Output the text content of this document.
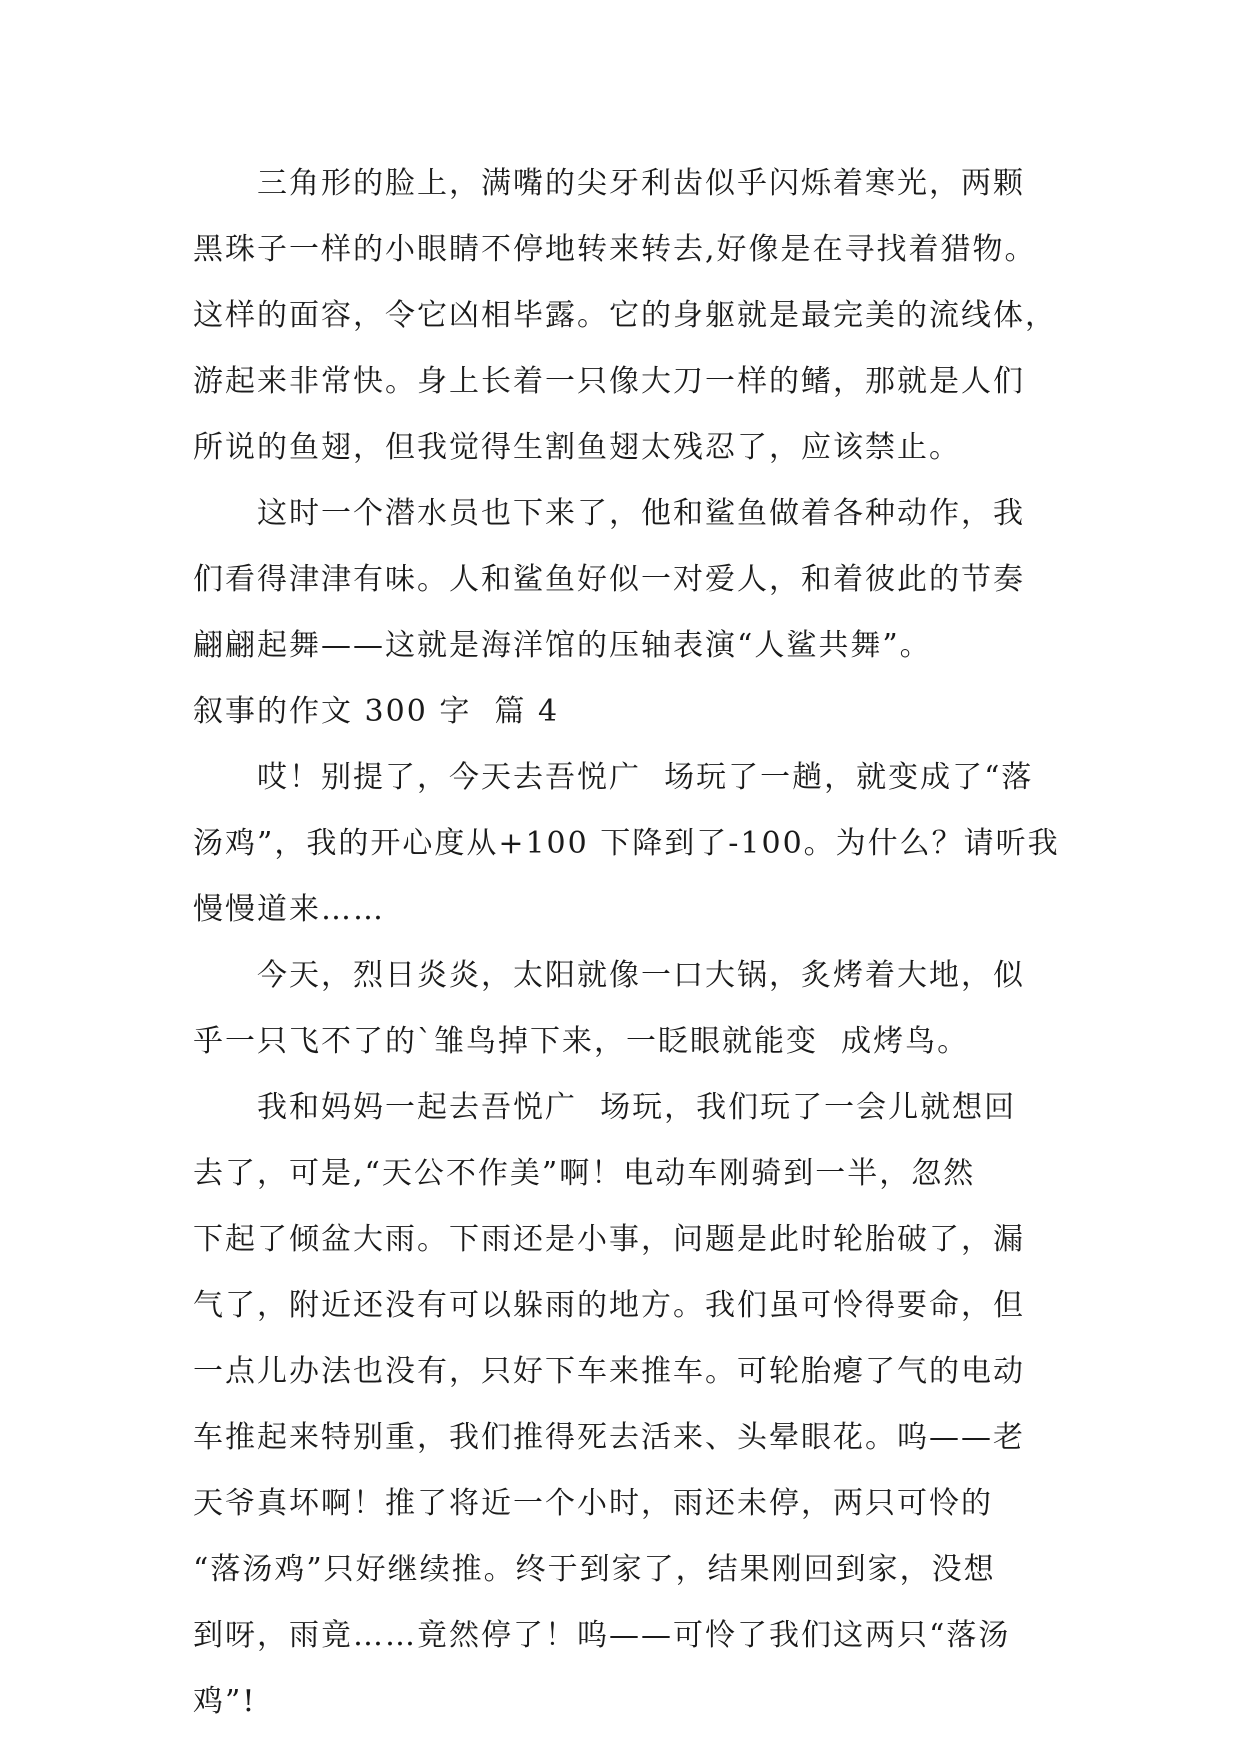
三角形的脸上，满嘴的尖牙利齿似乎闪烁着寒光，两颗
黑珠子一样的小眼睛不停地转来转去,好像是在寻找着猎物。
这样的面容，令它凶相毕露。它的身躯就是最完美的流线体，
游起来非常快。身上长着一只像大刀一样的鳍，那就是人们
所说的鱼翅，但我觉得生割鱼翅太残忍了，应该禁止。
这时一个潜水员也下来了，他和鲨鱼做着各种动作，我
们看得津津有味。人和鲨鱼好似一对爱人，和着彼此的节奏
翩翩起舞——这就是海洋馆的压轴表演“人鲨共舞”。
叙事的作文 300 字  篇 4
哎！别提了，今天去吾悦广  场玩了一趟，就变成了“落
汤鸡”，我的开心度从+100 下降到了-100。为什么？请听我
慢慢道来……
今天，烈日炎炎，太阳就像一口大锅，炙烤着大地，似
乎一只飞不了的`雏鸟掉下来，一眨眼就能变  成烤鸟。
我和妈妈一起去吾悦广  场玩，我们玩了一会儿就想回
去了，可是,“天公不作美”啊！电动车刚骑到一半，忽然
下起了倾盆大雨。下雨还是小事，问题是此时轮胎破了，漏
气了，附近还没有可以躲雨的地方。我们虽可怜得要命，但
一点儿办法也没有，只好下车来推车。可轮胎瘪了气的电动
车推起来特别重，我们推得死去活来、头晕眼花。呜——老
天爷真坏啊！推了将近一个小时，雨还未停，两只可怜的
“落汤鸡”只好继续推。终于到家了，结果刚回到家，没想
到呀，雨竟……竟然停了！呜——可怜了我们这两只“落汤
鸡”!
